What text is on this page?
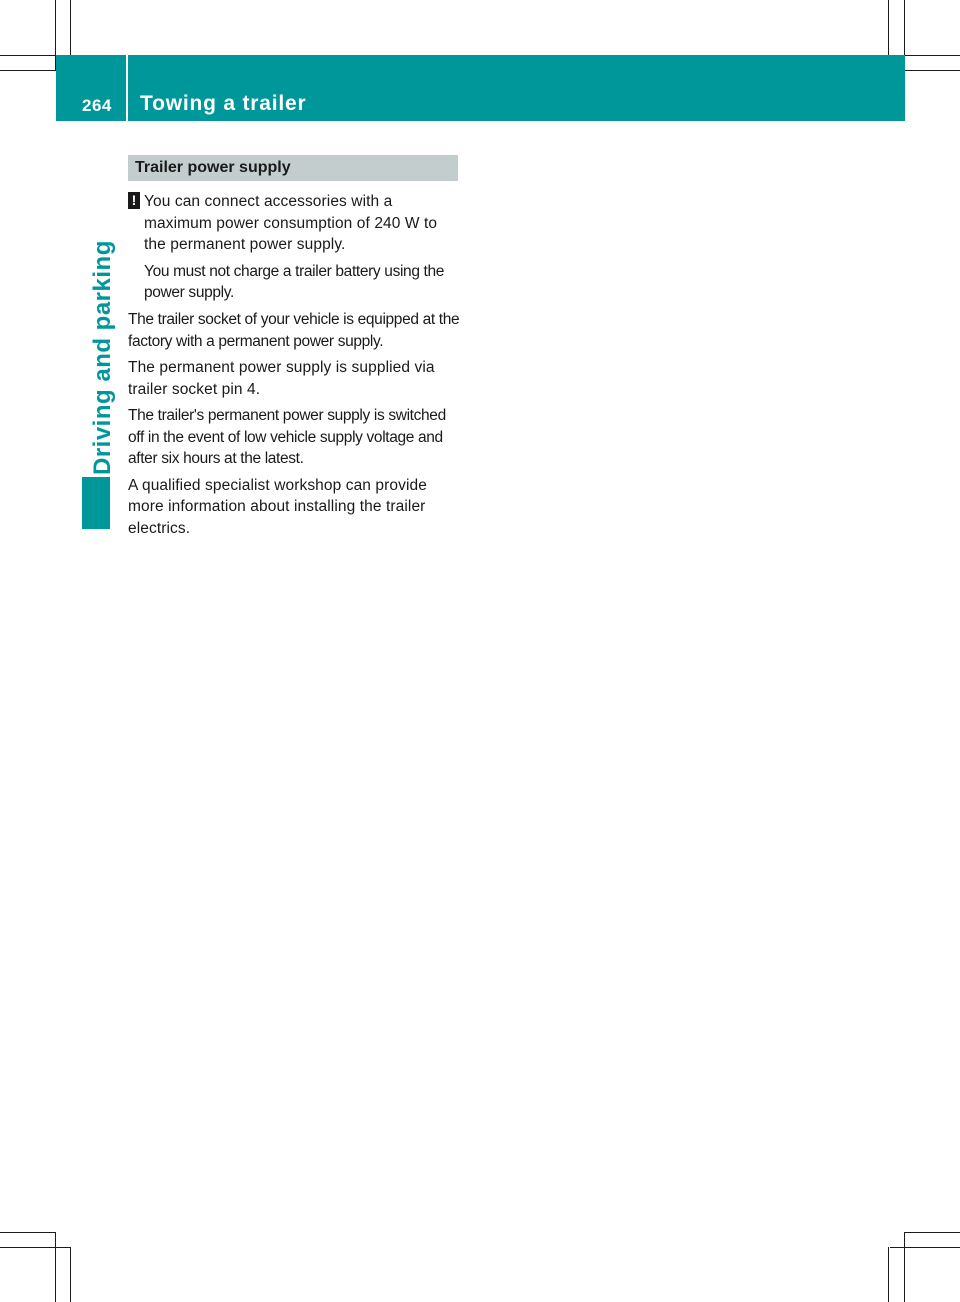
264 Towing a trailer
Driving and parking
Trailer power supply
! You can connect accessories with a maximum power consumption of 240 W to the permanent power supply.

You must not charge a trailer battery using the power supply.

The trailer socket of your vehicle is equipped at the factory with a permanent power supply.

The permanent power supply is supplied via trailer socket pin 4.

The trailer's permanent power supply is switched off in the event of low vehicle supply voltage and after six hours at the latest.

A qualified specialist workshop can provide more information about installing the trailer electrics.
